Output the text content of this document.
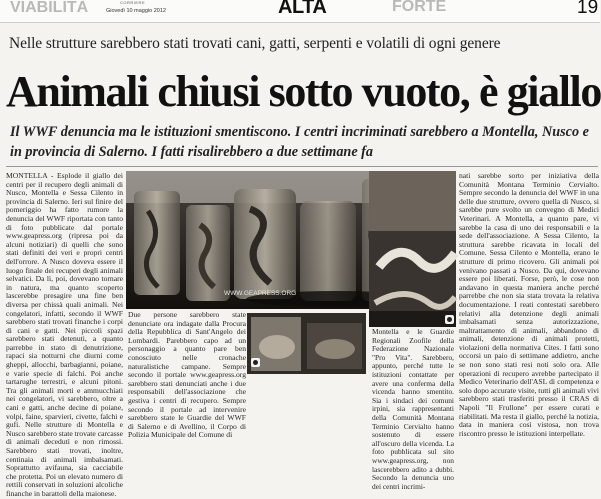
VIABILITÀ	FORTE
CORRIERE
Giovedì 10 maggio 2012	ALTA	19
Nelle strutture sarebbero stati trovati cani, gatti, serpenti e volatili di ogni genere
Animali chiusi sotto vuoto, è giallo
Il WWF denuncia ma le istituzioni smentiscono. I centri incriminati sarebbero a Montella, Nusco e in provincia di Salerno. I fatti risalirebbero a due settimane fa
MONTELLA - Esplode il giallo dei centri per il recupero degli animali di Nusco, Montella e Sessa Cilento in provincia di Salerno. Ieri sul finire del pomeriggio ha fatto rumore la denuncia del WWF riportata con tanto di foto pubblicate dal portale www.geapress.org (ripresa poi da alcuni notiziari) di quelli che sono stati definiti dei veri e propri centri dell'orrore. A Nusco doveva essere il luogo finale dei recuperi degli animali selvatici. Da lì, poi, dovevano tornare in natura, ma quanto scoperto lascerebbe presagire una fine ben diversa per chissà quali animali. Nei congelatori, infatti, secondo il WWF sarebbero stati trovati finanche i corpi di cani e gatti. Nei piccoli spazi sarebbero stati detenuti, a quanto parrebbe in stato di denutrizione, rapaci sia notturni che diurni come gheppi, allocchi, barbagianni, poiane, e varie specie di falchi. Poi anche tartarughe terrestri, e alcuni pitoni. Tra gli animali morti e ammucchiati nei congelatori, vi sarebbero, oltre a cani e gatti, anche decine di poiane, volpi, faine, sparvieri, civette, falchi e gufi. Nelle strutture di Montella e Nusco sarebbero state trovate carcasse di animali decedutì e non rimossi. Sarebbero stati trovati, inoltre, centinaia di animali imbalsamati. Soprattutto avifauna, sia cacciabile che protetta. Poi un elevato numero di rettili conservati in soluzioni alcoliche finanche in barattoli della maionese.
WWW.GEAPRESS.ORG
Due persone sarebbero state denunciate ora indagate dalla Procura della Repubblica di Sant'Angelo dei Lombardi. Parebbero capo ad un personaggio a quanto pare ben conosciuto nelle cronache naturalistiche campane. Sempre secondo il portale www.geapress.org sarebbero stati denunciati anche i due responsabili dell'associazione che gestiva i centri di recupero. Sempre secondo il portale ad intervenire sarebbero state le Guardie del WWF di Salerno e di Avellino, il Corpo di Polizia Municipale del Comune di
Montella e le Guardie Regionali Zoofile della Federazione Nazionale "Pro Vita". Sarebbero, appunto, perché tutte le istituzioni contattate per avere una conferma della vicenda hanno smentito. Sia i sindaci dei comuni irpini, sia rappresentanti della Comunità Montana Terminio Cervialto hanno sostenuto di essere all'oscuro della vicenda. La foto pubblicata sul sito www.geapress.org, non lascerebbero adito a dubbi. Secondo la denuncia uno dei centri incrimi-
nati sarebbe sorto per iniziativa della Comunità Montana Terminio Cervialto. Sempre secondo la denuncia del WWF in una delle due strutture, ovvero quella di Nusco, si sarebbe pure svolto un convegno di Medici Veterinari. A Montella, a quanto pare, vi sarebbe la casa di uno dei responsabili e la sede dell'associazione. A Sessa Cilento, la struttura sarebbe ricavata in locali del Comune. Sessa Cilento e Montella, erano le strutture di primo ricovero. Gli animali poi venivano passati a Nusco. Da qui, dovevano essere poi liberati. Forse, però, le cose non andavano in questa maniera anche perché parrebbe che non sia stata trovata la relativa documentazione. I reati contestati sarebbero relativi alla detenzione degli animali imbalsamati senza autorizzazione, maltrattamento di animali, abbandono di animali, detenzione di animali protetti, violazioni della normativa Cites. I fatti sono occorsi un paio di settimane addietro, anche se non sono stati resi noti solo ora. Alle operazioni di recupero avrebbe partecipato il Medico Veterinario dell'ASL di competenza e solo dopo accurate visite, tutti gli animali vivi sarebbero stati trasferiti presso il CRAS di Napoli "Il Frullone" per essere curati e riabilitati. Ma resta il giallo, perché la notizia, data in maniera così vistosa, non trova riscontro presso le istituzioni interpellate.
